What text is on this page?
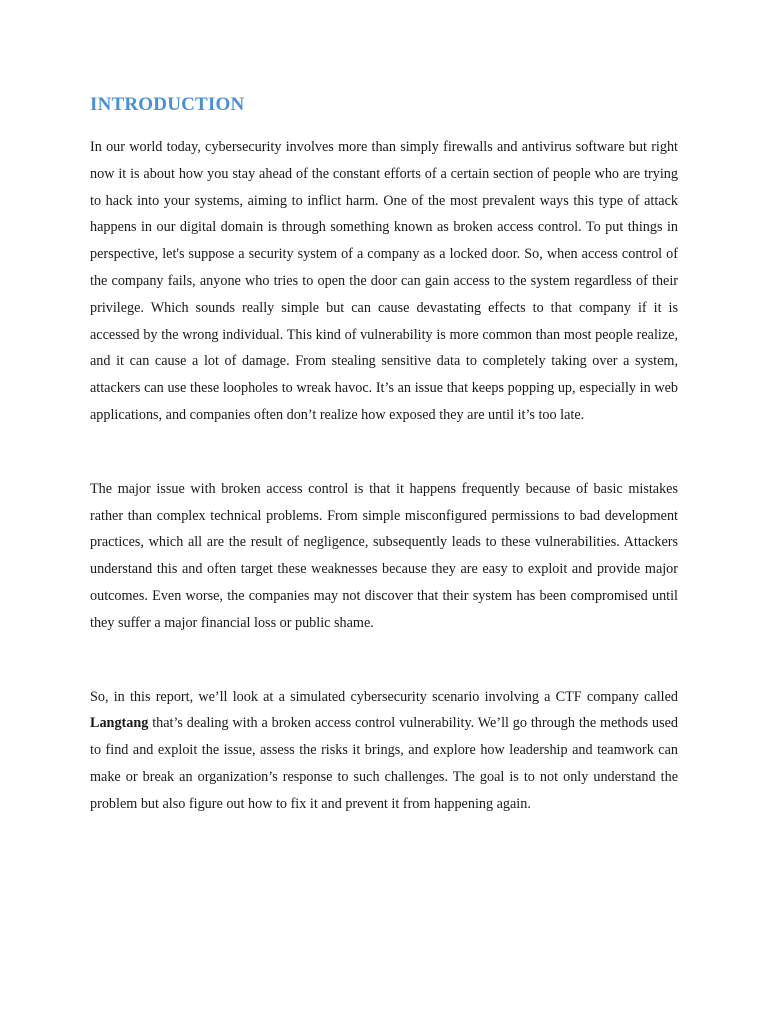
INTRODUCTION

In our world today, cybersecurity involves more than simply firewalls and antivirus software but right now it is about how you stay ahead of the constant efforts of a certain section of people who are trying to hack into your systems, aiming to inflict harm. One of the most prevalent ways this type of attack happens in our digital domain is through something known as broken access control. To put things in perspective, let's suppose a security system of a company as a locked door. So, when access control of the company fails, anyone who tries to open the door can gain access to the system regardless of their privilege. Which sounds really simple but can cause devastating effects to that company if it is accessed by the wrong individual. This kind of vulnerability is more common than most people realize, and it can cause a lot of damage. From stealing sensitive data to completely taking over a system, attackers can use these loopholes to wreak havoc. It’s an issue that keeps popping up, especially in web applications, and companies often don’t realize how exposed they are until it’s too late.

The major issue with broken access control is that it happens frequently because of basic mistakes rather than complex technical problems. From simple misconfigured permissions to bad development practices, which all are the result of negligence, subsequently leads to these vulnerabilities. Attackers understand this and often target these weaknesses because they are easy to exploit and provide major outcomes. Even worse, the companies may not discover that their system has been compromised until they suffer a major financial loss or public shame.

So, in this report, we’ll look at a simulated cybersecurity scenario involving a CTF company called Langtang that’s dealing with a broken access control vulnerability. We’ll go through the methods used to find and exploit the issue, assess the risks it brings, and explore how leadership and teamwork can make or break an organization’s response to such challenges. The goal is to not only understand the problem but also figure out how to fix it and prevent it from happening again.
